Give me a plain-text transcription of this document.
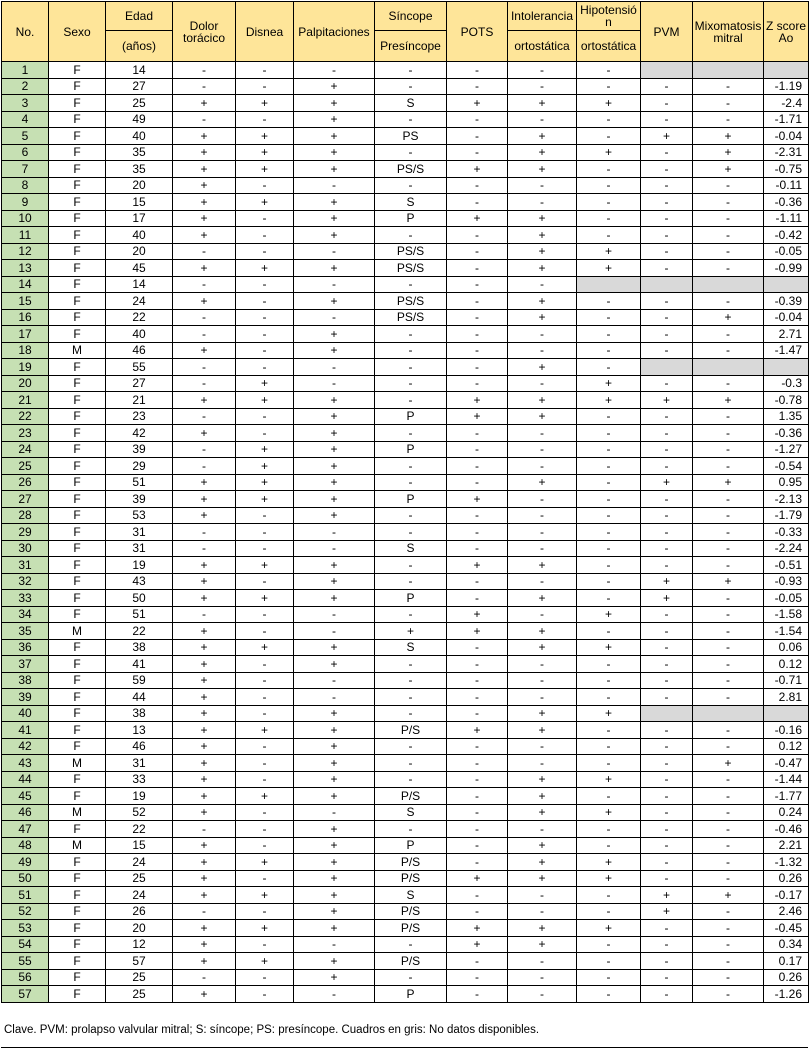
No.	Sexo	Edad	Dolor torácico	Disnea	Palpitaciones	Síncope	POTS	Intolerancia	Hipotensió n	PVM	Mixomatosis mitral	Z score Ao
		(años)				Presíncope		ortostática	ortostática			
1	F	14	-	-	-	-	-	-	-			
2	F	27	-	-	+	-	-	-	-	-	-	-1.19
3	F	25	+	+	+	S	+	+	+	-	-	-2.4
4	F	49	-	-	+	-	-	-	-	-	-	-1.71
5	F	40	+	+	+	PS	-	+	-	+	+	-0.04
6	F	35	+	+	+	-	-	+	+	-	+	-2.31
7	F	35	+	+	+	PS/S	+	+	-	-	+	-0.75
8	F	20	+	-	-	-	-	-	-	-	-	-0.11
9	F	15	+	+	+	S	-	-	-	-	-	-0.36
10	F	17	+	-	+	P	+	+	-	-	-	-1.11
11	F	40	+	-	+	-	-	+	-	-	-	-0.42
12	F	20	-	-	-	PS/S	-	+	+	-	-	-0.05
13	F	45	+	+	+	PS/S	-	+	+	-	-	-0.99
14	F	14	-	-	-	-	-	-				
15	F	24	+	-	+	PS/S	-	+	-	-	-	-0.39
16	F	22	-	-	-	PS/S	-	+	-	-	+	-0.04
17	F	40	-	-	+	-	-	-	-	-	-	2.71
18	M	46	+	-	+	-	-	-	-	-	-	-1.47
19	F	55	-	-	-	-	-	+	-			
20	F	27	-	+	-	-	-	-	+	-	-	-0.3
21	F	21	+	+	+	-	+	+	+	+	+	-0.78
22	F	23	-	-	+	P	+	+	-	-	-	1.35
23	F	42	+	-	+	-	-	-	-	-	-	-0.36
24	F	39	-	+	+	P	-	-	-	-	-	-1.27
25	F	29	-	+	+	-	-	-	-	-	-	-0.54
26	F	51	+	+	+	-	-	+	-	+	+	0.95
27	F	39	+	+	+	P	+	-	-	-	-	-2.13
28	F	53	+	-	+	-	-	-	-	-	-	-1.79
29	F	31	-	-	-	-	-	-	-	-	-	-0.33
30	F	31	-	-	-	S	-	-	-	-	-	-2.24
31	F	19	+	+	+	-	+	+	-	-	-	-0.51
32	F	43	+	-	+	-	-	-	-	+	+	-0.93
33	F	50	+	+	+	P	-	+	-	+	-	-0.05
34	F	51	-	-	-	-	+	-	+	-	-	-1.58
35	M	22	+	-	-	+	+	+	-	-	-	-1.54
36	F	38	+	+	+	S	-	+	+	-	-	0.06
37	F	41	+	-	+	-	-	-	-	-	-	0.12
38	F	59	+	-	-	-	-	-	-	-	-	-0.71
39	F	44	+	-	-	-	-	-	-	-	-	2.81
40	F	38	+	-	+	-	-	+	+			
41	F	13	+	+	+	P/S	+	+	-	-	-	-0.16
42	F	46	+	-	+	-	-	-	-	-	-	0.12
43	M	31	+	-	+	-	-	-	-	-	+	-0.47
44	F	33	+	-	+	-	-	+	+	-	-	-1.44
45	F	19	+	+	+	P/S	-	+	-	-	-	-1.77
46	M	52	+	-	-	S	-	+	+	-	-	0.24
47	F	22	-	-	+	-	-	-	-	-	-	-0.46
48	M	15	+	-	+	P	-	+	-	-	-	2.21
49	F	24	+	+	+	P/S	-	+	+	-	-	-1.32
50	F	25	+	-	+	P/S	+	+	+	-	-	0.26
51	F	24	+	+	+	S	-	-	-	+	+	-0.17
52	F	26	-	-	+	P/S	-	-	-	+	-	2.46
53	F	20	+	+	+	P/S	+	+	+	-	-	-0.45
54	F	12	+	-	-	-	+	+	-	-	-	0.34
55	F	57	+	+	+	P/S	-	-	-	-	-	0.17
56	F	25	-	-	+	-	-	-	-	-	-	0.26
57	F	25	+	-	-	P	-	-	-	-	-	-1.26
Clave. PVM: prolapso valvular mitral; S: síncope; PS: presíncope. Cuadros en gris: No datos disponibles.
